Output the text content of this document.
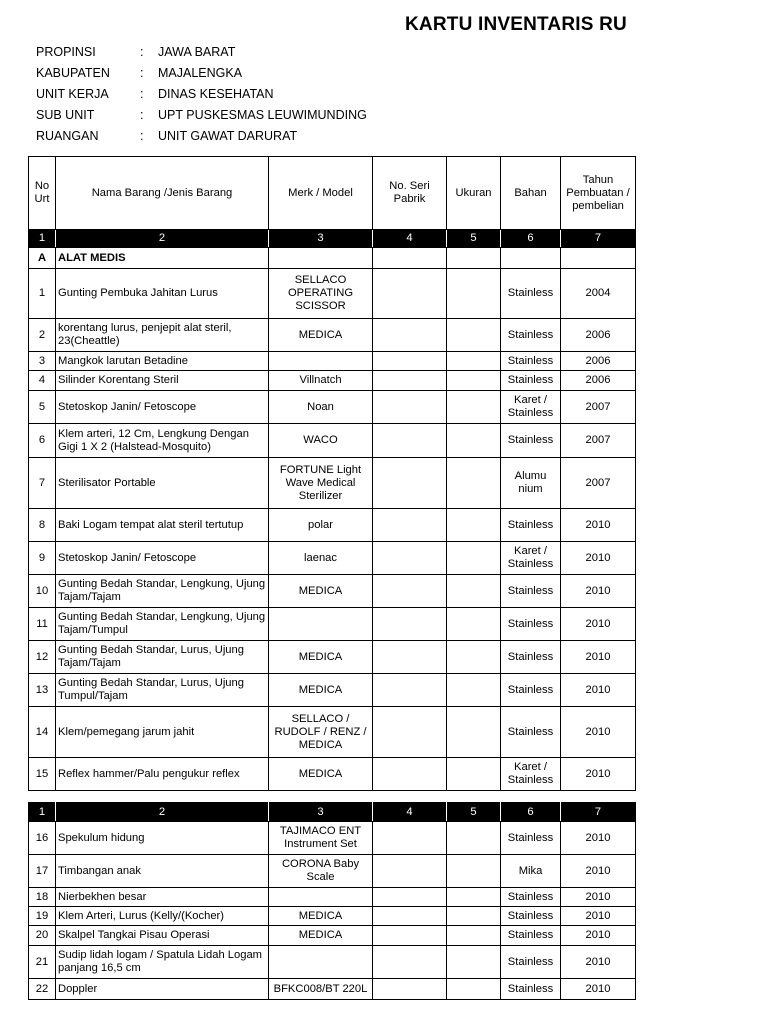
KARTU INVENTARIS RU
PROPINSI	: JAWA BARAT
KABUPATEN : MAJALENGKA
UNIT KERJA	: DINAS KESEHATAN
SUB UNIT	: UPT PUSKESMAS LEUWIMUNDING
RUANGAN	: UNIT GAWAT DARURAT
No Urt	Nama Barang /Jenis Barang	Merk / Model	No. Seri Pabrik	Ukuran	Bahan	Tahun Pembuatan / pembelian
1	2	3	4	5	6	7
A	ALAT MEDIS					
1	Gunting Pembuka Jahitan Lurus	SELLACO OPERATING SCISSOR			Stainless	2004
2	korentang lurus, penjepit alat steril, 23(Cheattle)	MEDICA			Stainless	2006
3	Mangkok larutan Betadine				Stainless	2006
4	Silinder Korentang Steril	Villnatch			Stainless	2006
5	Stetoskop Janin/ Fetoscope	Noan			Karet / Stainless	2007
6	Klem arteri, 12 Cm, Lengkung Dengan Gigi 1 X 2 (Halstead-Mosquito)	WACO			Stainless	2007
7	Sterilisator Portable	FORTUNE Light Wave Medical Sterilizer			Alumu nium	2007
8	Baki Logam tempat alat steril tertutup	polar			Stainless	2010
9	Stetoskop Janin/ Fetoscope	laenac			Karet / Stainless	2010
10	Gunting Bedah Standar, Lengkung, Ujung Tajam/Tajam	MEDICA			Stainless	2010
11	Gunting Bedah Standar, Lengkung, Ujung Tajam/Tumpul				Stainless	2010
12	Gunting Bedah Standar, Lurus, Ujung Tajam/Tajam	MEDICA			Stainless	2010
13	Gunting Bedah Standar, Lurus, Ujung Tumpul/Tajam	MEDICA			Stainless	2010
14	Klem/pemegang jarum jahit	SELLACO / RUDOLF / RENZ / MEDICA			Stainless	2010
15	Reflex hammer/Palu pengukur reflex	MEDICA			Karet / Stainless	2010
1	2	3	4	5	6	7
16	Spekulum hidung	TAJIMACO ENT Instrument Set			Stainless	2010
17	Timbangan anak	CORONA Baby Scale			Mika	2010
18	Nierbekhen besar				Stainless	2010
19	Klem Arteri, Lurus (Kelly/(Kocher)	MEDICA			Stainless	2010
20	Skalpel Tangkai Pisau Operasi	MEDICA			Stainless	2010
21	Sudip lidah logam / Spatula Lidah Logam panjang 16,5 cm				Stainless	2010
22	Doppler	BFKC008/BT 220L			Stainless	2010
